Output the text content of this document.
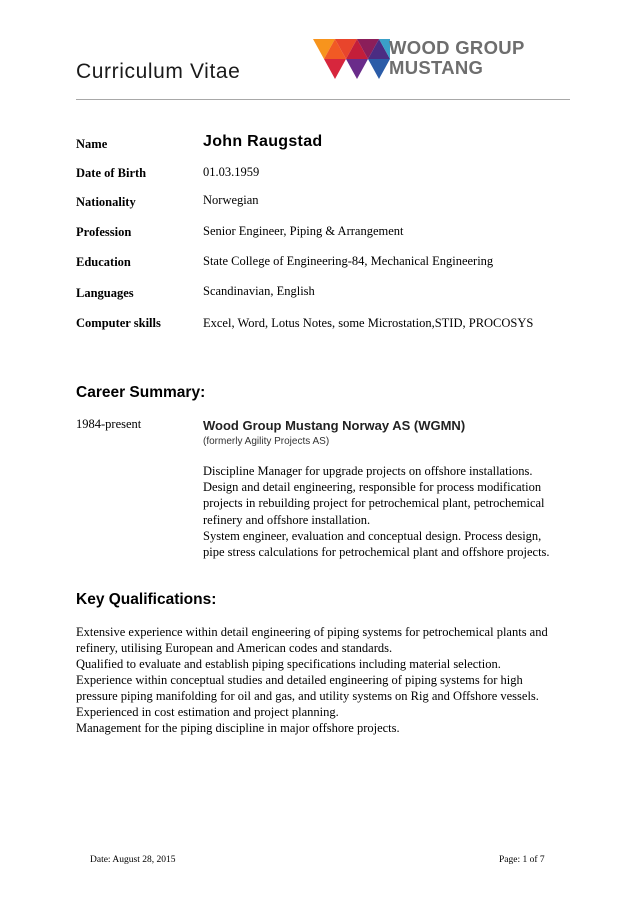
Curriculum Vitae
WOOD GROUP
MUSTANG
Name	John Raugstad
Date of Birth	01.03.1959
Nationality	Norwegian
Profession	Senior Engineer, Piping & Arrangement
Education	State College of Engineering-84, Mechanical Engineering
Languages	Scandinavian, English
Computer skills	Excel, Word, Lotus Notes, some Microstation,STID, PROCOSYS
Career Summary:
1984-present	Wood Group Mustang Norway AS (WGMN)
(formerly Agility Projects AS)
Discipline Manager for upgrade projects on offshore installations.
Design and detail engineering, responsible for process modification
projects in rebuilding project for petrochemical plant, petrochemical
refinery and offshore installation.
System engineer, evaluation and conceptual design. Process design,
pipe stress calculations for petrochemical plant and offshore projects.
Key Qualifications:
Extensive experience within detail engineering of piping systems for petrochemical plants and
refinery, utilising European and American codes and standards.
Qualified to evaluate and establish piping specifications including material selection.
Experience within conceptual studies and detailed engineering of piping systems for high
pressure piping manifolding for oil and gas, and utility systems on Rig and Offshore vessels.
Experienced in cost estimation and project planning.
Management for the piping discipline in major offshore projects.
Date: August 28, 2015	Page: 1 of 7
